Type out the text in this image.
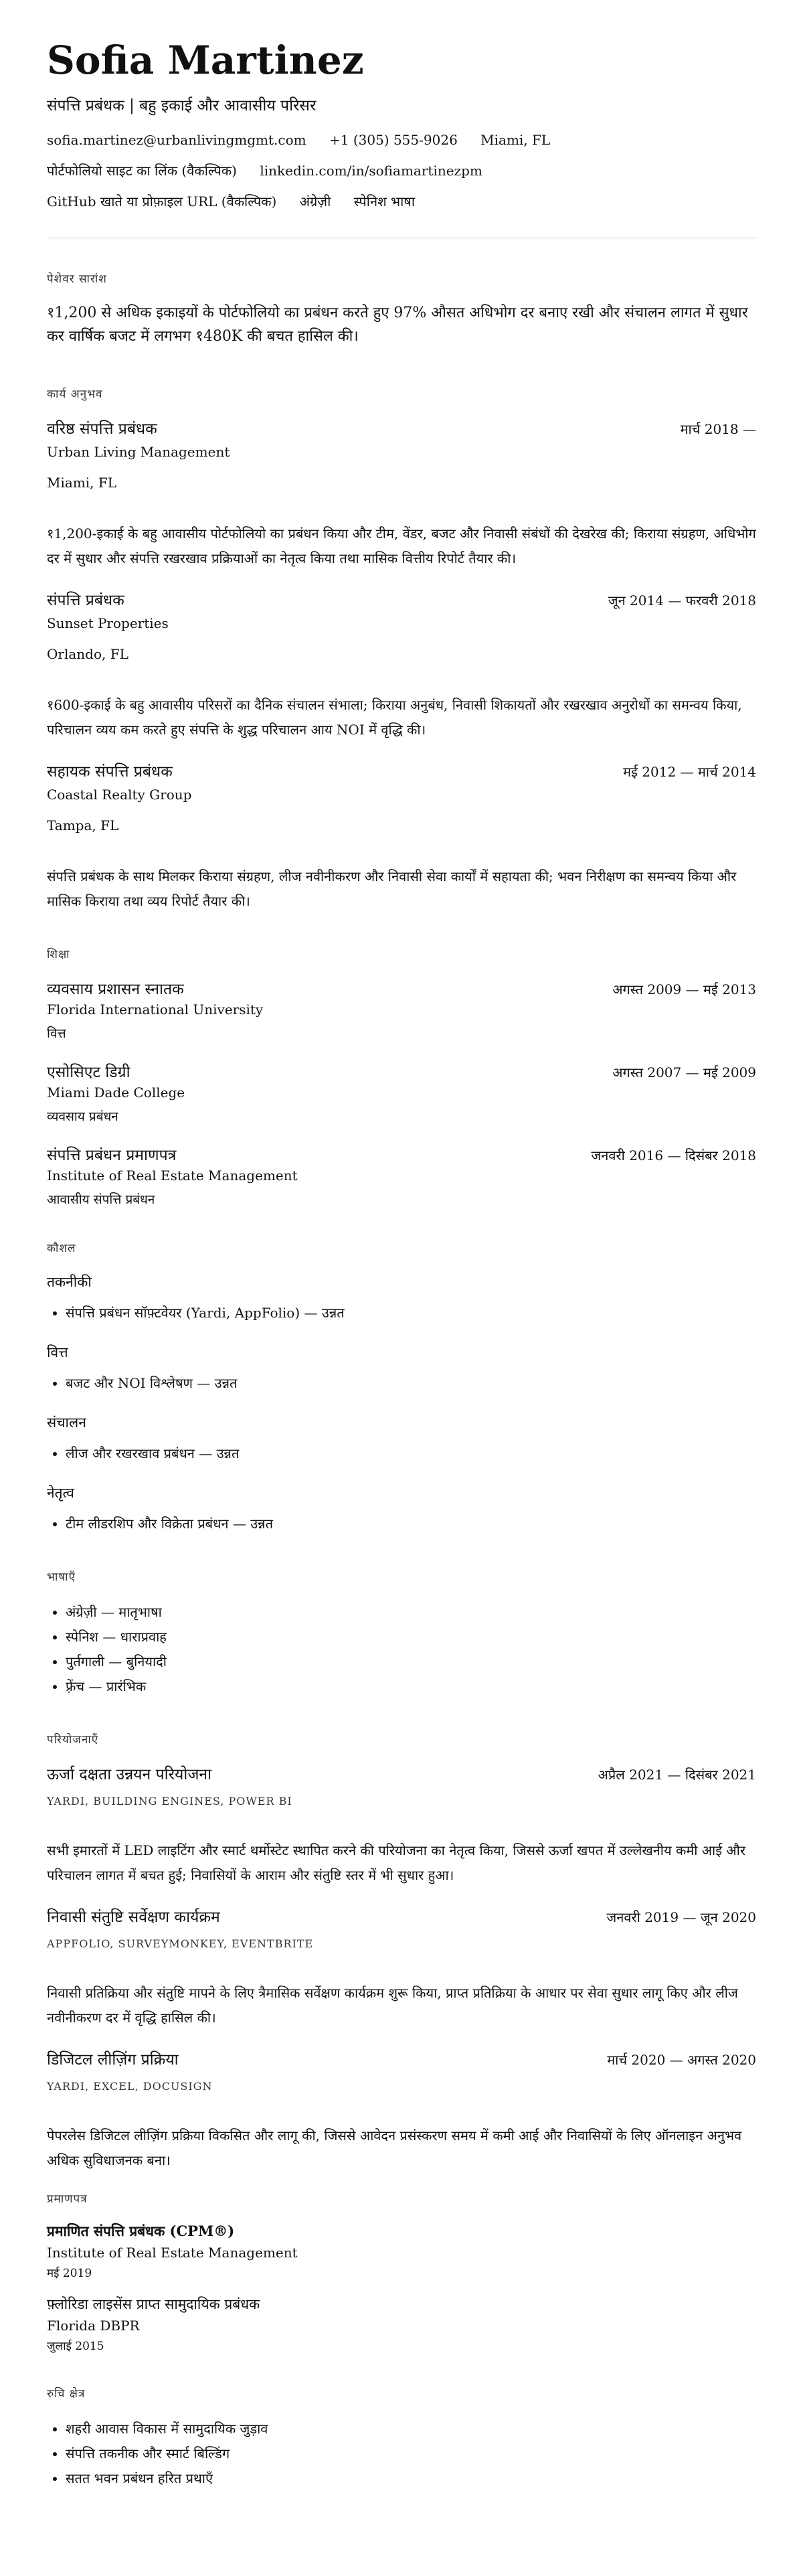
Sofia Martinez
संपत्ति प्रबंधक | बहु इकाई और आवासीय परिसर
sofia.martinez@urbanlivingmgmt.com +1 (305) 555-9026 Miami, FL
पोर्टफोलियो साइट का लिंक (वैकल्पिक) linkedin.com/in/sofiamartinezpm
GitHub खाते या प्रोफ़ाइल URL (वैकल्पिक) अंग्रेज़ी स्पेनिश भाषा
पेशेवर सारांश
१1,200 से अधिक इकाइयों के पोर्टफोलियो का प्रबंधन करते हुए 97% औसत अधिभोग दर बनाए रखी और संचालन लागत में सुधार कर वार्षिक बजट में लगभग १480K की बचत हासिल की।
कार्य अनुभव
वरिष्ठ संपत्ति प्रबंधक	मार्च 2018 —
Urban Living Management
Miami, FL
१1,200-इकाई के बहु आवासीय पोर्टफोलियो का प्रबंधन किया और टीम, वेंडर, बजट और निवासी संबंधों की देखरेख की; किराया संग्रहण, अधिभोग दर में सुधार और संपत्ति रखरखाव प्रक्रियाओं का नेतृत्व किया तथा मासिक वित्तीय रिपोर्ट तैयार की।
संपत्ति प्रबंधक	जून 2014 — फरवरी 2018
Sunset Properties
Orlando, FL
१600-इकाई के बहु आवासीय परिसरों का दैनिक संचालन संभाला; किराया अनुबंध, निवासी शिकायतों और रखरखाव अनुरोधों का समन्वय किया, परिचालन व्यय कम करते हुए संपत्ति के शुद्ध परिचालन आय NOI में वृद्धि की।
सहायक संपत्ति प्रबंधक	मई 2012 — मार्च 2014
Coastal Realty Group
Tampa, FL
संपत्ति प्रबंधक के साथ मिलकर किराया संग्रहण, लीज नवीनीकरण और निवासी सेवा कार्यों में सहायता की; भवन निरीक्षण का समन्वय किया और मासिक किराया तथा व्यय रिपोर्ट तैयार की।
शिक्षा
व्यवसाय प्रशासन स्नातक	अगस्त 2009 — मई 2013
Florida International University
वित्त
एसोसिएट डिग्री	अगस्त 2007 — मई 2009
Miami Dade College
व्यवसाय प्रबंधन
संपत्ति प्रबंधन प्रमाणपत्र	जनवरी 2016 — दिसंबर 2018
Institute of Real Estate Management
आवासीय संपत्ति प्रबंधन
कौशल
तकनीकी
• संपत्ति प्रबंधन सॉफ़्टवेयर (Yardi, AppFolio) — उन्नत
वित्त
• बजट और NOI विश्लेषण — उन्नत
संचालन
• लीज और रखरखाव प्रबंधन — उन्नत
नेतृत्व
• टीम लीडरशिप और विक्रेता प्रबंधन — उन्नत
भाषाएँ
• अंग्रेज़ी — मातृभाषा
• स्पेनिश — धाराप्रवाह
• पुर्तगाली — बुनियादी
• फ़्रेंच — प्रारंभिक
परियोजनाएँ
ऊर्जा दक्षता उन्नयन परियोजना	अप्रैल 2021 — दिसंबर 2021
YARDI, BUILDING ENGINES, POWER BI
सभी इमारतों में LED लाइटिंग और स्मार्ट थर्मोस्टेट स्थापित करने की परियोजना का नेतृत्व किया, जिससे ऊर्जा खपत में उल्लेखनीय कमी आई और परिचालन लागत में बचत हुई; निवासियों के आराम और संतुष्टि स्तर में भी सुधार हुआ।
निवासी संतुष्टि सर्वेक्षण कार्यक्रम	जनवरी 2019 — जून 2020
APPFOLIO, SURVEYMONKEY, EVENTBRITE
निवासी प्रतिक्रिया और संतुष्टि मापने के लिए त्रैमासिक सर्वेक्षण कार्यक्रम शुरू किया, प्राप्त प्रतिक्रिया के आधार पर सेवा सुधार लागू किए और लीज नवीनीकरण दर में वृद्धि हासिल की।
डिजिटल लीज़िंग प्रक्रिया	मार्च 2020 — अगस्त 2020
YARDI, EXCEL, DOCUSIGN
पेपरलेस डिजिटल लीज़िंग प्रक्रिया विकसित और लागू की, जिससे आवेदन प्रसंस्करण समय में कमी आई और निवासियों के लिए ऑनलाइन अनुभव अधिक सुविधाजनक बना।
प्रमाणपत्र
प्रमाणित संपत्ति प्रबंधक (CPM®)
Institute of Real Estate Management
मई 2019
फ़्लोरिडा लाइसेंस प्राप्त सामुदायिक प्रबंधक
Florida DBPR
जुलाई 2015
रुचि क्षेत्र
• शहरी आवास विकास में सामुदायिक जुड़ाव
• संपत्ति तकनीक और स्मार्ट बिल्डिंग
• सतत भवन प्रबंधन हरित प्रथाएँ
